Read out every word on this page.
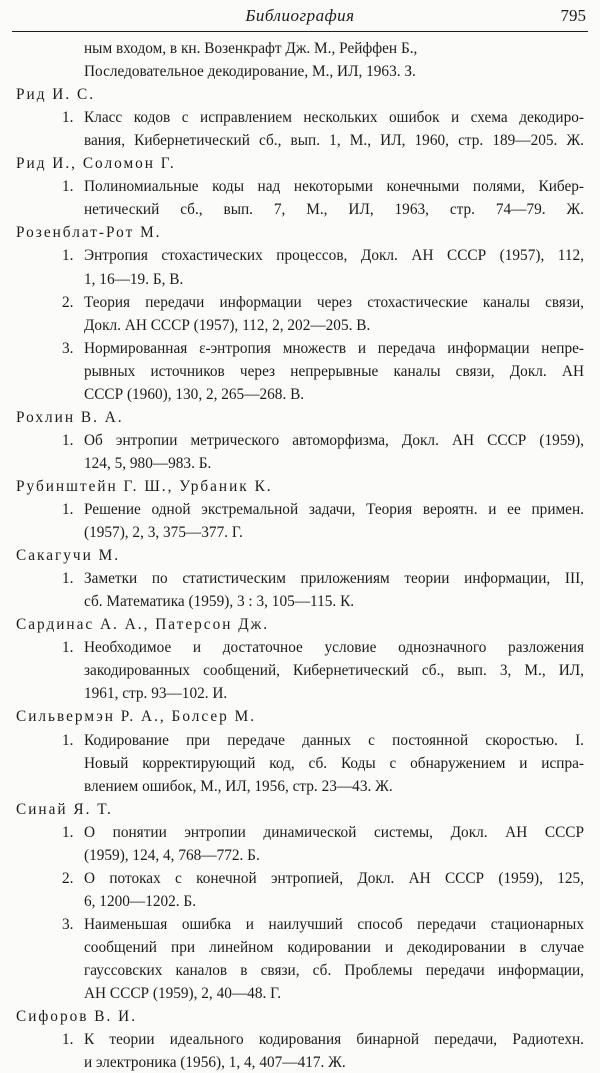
Библиография	795
ным входом, в кн. Возенкрафт Дж. М., Рейффен Б.,
Последовательное декодирование, М., ИЛ, 1963. З.
Рид И. С.
1. Класс кодов с исправлением нескольких ошибок и схема декодиро-
вания, Кибернетический сб., вып. 1, М., ИЛ, 1960, стр. 189—205. Ж.
Рид И., Соломон Г.
1. Полиномиальные коды над некоторыми конечными полями, Кибер-
нетический сб., вып. 7, М., ИЛ, 1963, стр. 74—79. Ж.
Розенблат-Рот М.
1. Энтропия стохастических процессов, Докл. АН СССР (1957), 112,
1, 16—19. Б, В.
2. Теория передачи информации через стохастические каналы связи,
Докл. АН СССР (1957), 112, 2, 202—205. В.
3. Нормированная ε-энтропия множеств и передача информации непре-
рывных источников через непрерывные каналы связи, Докл. АН
СССР (1960), 130, 2, 265—268. В.
Рохлин В. А.
1. Об энтропии метрического автоморфизма, Докл. АН СССР (1959),
124, 5, 980—983. Б.
Рубинштейн Г. Ш., Урбаник К.
1. Решение одной экстремальной задачи, Теория вероятн. и ее примен.
(1957), 2, 3, 375—377. Г.
Сакагучи М.
1. Заметки по статистическим приложениям теории информации, III,
сб. Математика (1959), 3 : 3, 105—115. К.
Сардинас А. А., Патерсон Дж.
1. Необходимое и достаточное условие однозначного разложения
закодированных сообщений, Кибернетический сб., вып. 3, М., ИЛ,
1961, стр. 93—102. И.
Сильвермэн Р. А., Болсер М.
1. Кодирование при передаче данных с постоянной скоростью. I.
Новый корректирующий код, сб. Коды с обнаружением и испра-
влением ошибок, М., ИЛ, 1956, стр. 23—43. Ж.
Синай Я. Т.
1. О понятии энтропии динамической системы, Докл. АН СССР
(1959), 124, 4, 768—772. Б.
2. О потоках с конечной энтропией, Докл. АН СССР (1959), 125,
6, 1200—1202. Б.
3. Наименьшая ошибка и наилучший способ передачи стационарных
сообщений при линейном кодировании и декодировании в случае
гауссовских каналов в связи, сб. Проблемы передачи информации,
АН СССР (1959), 2, 40—48. Г.
Сифоров В. И.
1. К теории идеального кодирования бинарной передачи, Радиотехн.
и электроника (1956), 1, 4, 407—417. Ж.
